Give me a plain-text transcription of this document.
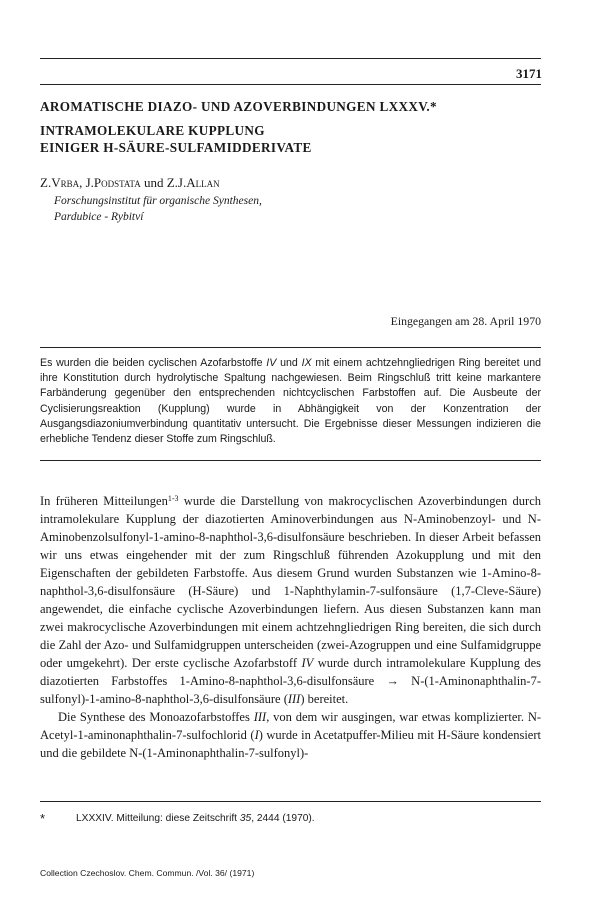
3171
AROMATISCHE DIAZO- UND AZOVERBINDUNGEN LXXXV.*
INTRAMOLEKULARE KUPPLUNG
EINIGER H-SÄURE-SULFAMIDDERIVATE
Z.Vrba, J.Podstata und Z.J.Allan
Forschungsinstitut für organische Synthesen,
Pardubice - Rybitví
Eingegangen am 28. April 1970

Es wurden die beiden cyclischen Azofarbstoffe IV und IX mit einem achtzehngliedrigen Ring bereitet und ihre Konstitution durch hydrolytische Spaltung nachgewiesen. Beim Ringschluß tritt keine markantere Farbänderung gegenüber den entsprechenden nichtcyclischen Farbstoffen auf. Die Ausbeute der Cyclisierungsreaktion (Kupplung) wurde in Abhängigkeit von der Konzentration der Ausgangsdiazoniumverbindung quantitativ untersucht. Die Ergebnisse dieser Messungen indizieren die erhebliche Tendenz dieser Stoffe zum Ringschluß.

In früheren Mitteilungen$^{1-3}$ wurde die Darstellung von makrocyclischen Azoverbindungen durch intramolekulare Kupplung der diazotierten Aminoverbindungen aus N-Aminobenzoyl- und N-Aminobenzolsulfonyl-1-amino-8-naphthol-3,6-disulfonsäure beschrieben. In dieser Arbeit befassen wir uns etwas eingehender mit der zum Ringschluß führenden Azokupplung und mit den Eigenschaften der gebildeten Farbstoffe. Aus diesem Grund wurden Substanzen wie 1-Amino-8-naphthol-3,6-disulfonsäure (H-Säure) und 1-Naphthylamin-7-sulfonsäure (1,7-Cleve-Säure) angewendet, die einfache cyclische Azoverbindungen liefern. Aus diesen Substanzen kann man zwei makrocyclische Azoverbindungen mit einem achtzehngliedrigen Ring bereiten, die sich durch die Zahl der Azo- und Sulfamidgruppen unterscheiden (zwei-Azogruppen und eine Sulfamidgruppe oder umgekehrt). Der erste cyclische Azofarbstoff IV wurde durch intramolekulare Kupplung des diazotierten Farbstoffes 1-Amino-8-naphthol-3,6-disulfonsäure → N-(1-Aminonaphthalin-7-sulfonyl)-1-amino-8-naphthol-3,6-disulfonsäure (III) bereitet.

Die Synthese des Monoazofarbstoffes III, von dem wir ausgingen, war etwas komplizierter. N-Acetyl-1-aminonaphthalin-7-sulfochlorid (I) wurde in Acetatpuffer-Milieu mit H-Säure kondensiert und die gebildete N-(1-Aminonaphthalin-7-sulfonyl)-

*	LXXXIV. Mitteilung: diese Zeitschrift 35, 2444 (1970).
Collection Czechoslov. Chem. Commun. /Vol. 36/ (1971)
